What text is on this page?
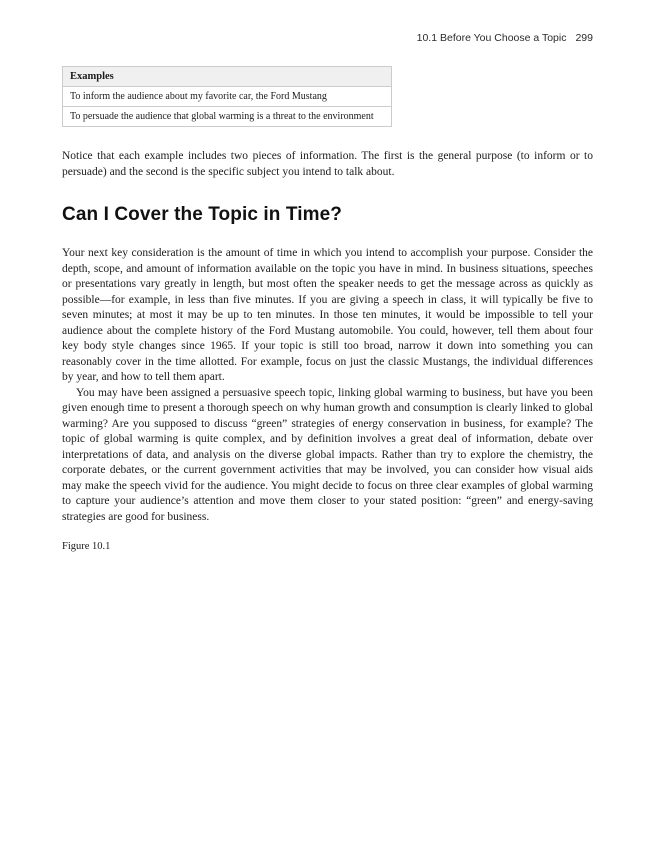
10.1 Before You Choose a Topic 299
Examples
To inform the audience about my favorite car, the Ford Mustang
To persuade the audience that global warming is a threat to the environment

Notice that each example includes two pieces of information. The first is the general purpose (to inform or to persuade) and the second is the specific subject you intend to talk about.

Can I Cover the Topic in Time?

Your next key consideration is the amount of time in which you intend to accomplish your purpose. Consider the depth, scope, and amount of information available on the topic you have in mind. In business situations, speeches or presentations vary greatly in length, but most often the speaker needs to get the message across as quickly as possible—for example, in less than five minutes. If you are giving a speech in class, it will typically be five to seven minutes; at most it may be up to ten minutes. In those ten minutes, it would be impossible to tell your audience about the complete history of the Ford Mustang automobile. You could, however, tell them about four key body style changes since 1965. If your topic is still too broad, narrow it down into something you can reasonably cover in the time allotted. For example, focus on just the classic Mustangs, the individual differences by year, and how to tell them apart.

You may have been assigned a persuasive speech topic, linking global warming to business, but have you been given enough time to present a thorough speech on why human growth and consumption is clearly linked to global warming? Are you supposed to discuss “green” strategies of energy conservation in business, for example? The topic of global warming is quite complex, and by definition involves a great deal of information, debate over interpretations of data, and analysis on the diverse global impacts. Rather than try to explore the chemistry, the corporate debates, or the current government activities that may be involved, you can consider how visual aids may make the speech vivid for the audience. You might decide to focus on three clear examples of global warming to capture your audience’s attention and move them closer to your stated position: “green” and energy-saving strategies are good for business.

Figure 10.1
